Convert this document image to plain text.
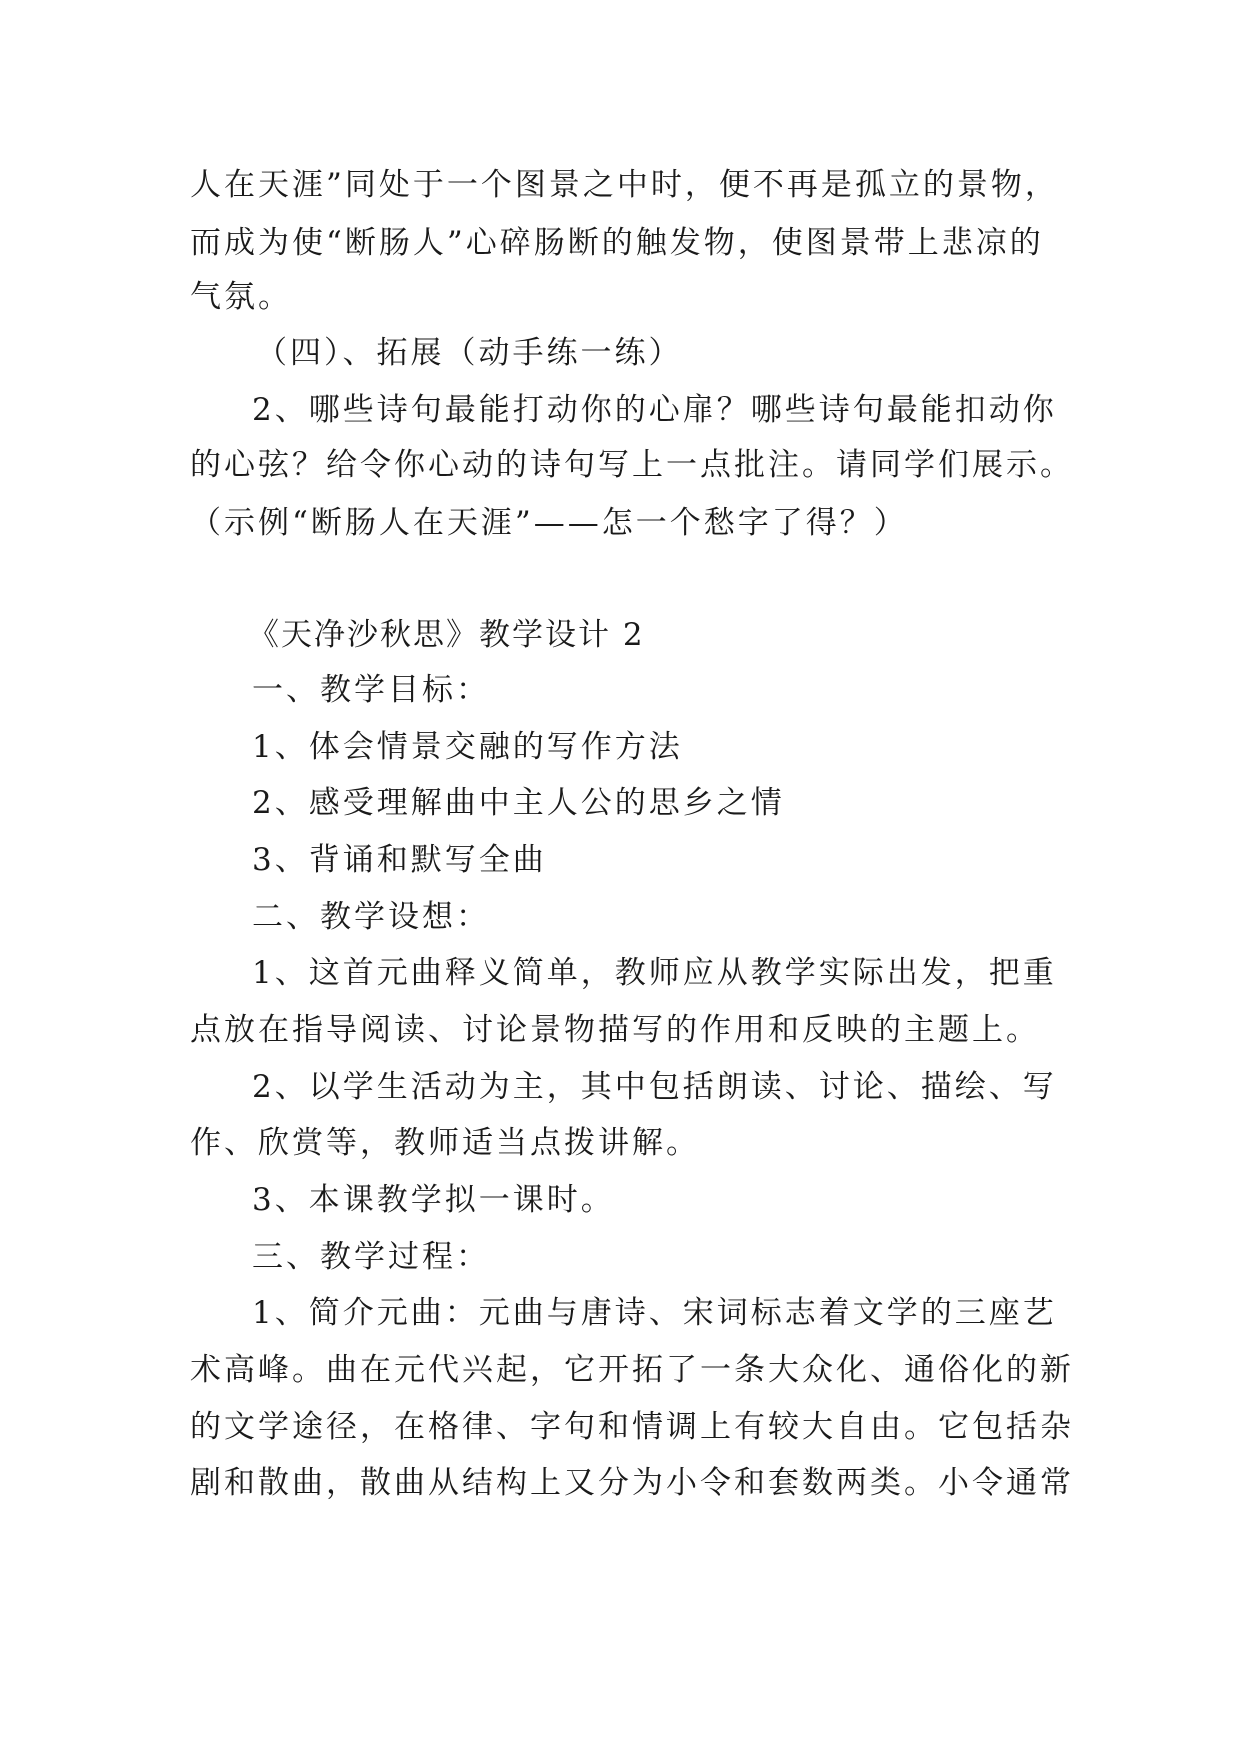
人在天涯”同处于一个图景之中时，便不再是孤立的景物，
而成为使“断肠人”心碎肠断的触发物，使图景带上悲凉的
气氛。
（四）、拓展（动手练一练）
2、哪些诗句最能打动你的心扉？哪些诗句最能扣动你
的心弦？给令你心动的诗句写上一点批注。请同学们展示。
（示例“断肠人在天涯”——怎一个愁字了得？）
《天净沙秋思》教学设计 2
一、教学目标：
1、体会情景交融的写作方法
2、感受理解曲中主人公的思乡之情
3、背诵和默写全曲
二、教学设想：
1、这首元曲释义简单，教师应从教学实际出发，把重
点放在指导阅读、讨论景物描写的作用和反映的主题上。
2、以学生活动为主，其中包括朗读、讨论、描绘、写
作、欣赏等，教师适当点拨讲解。
3、本课教学拟一课时。
三、教学过程：
1、简介元曲：元曲与唐诗、宋词标志着文学的三座艺
术高峰。曲在元代兴起，它开拓了一条大众化、通俗化的新
的文学途径，在格律、字句和情调上有较大自由。它包括杂
剧和散曲，散曲从结构上又分为小令和套数两类。小令通常
